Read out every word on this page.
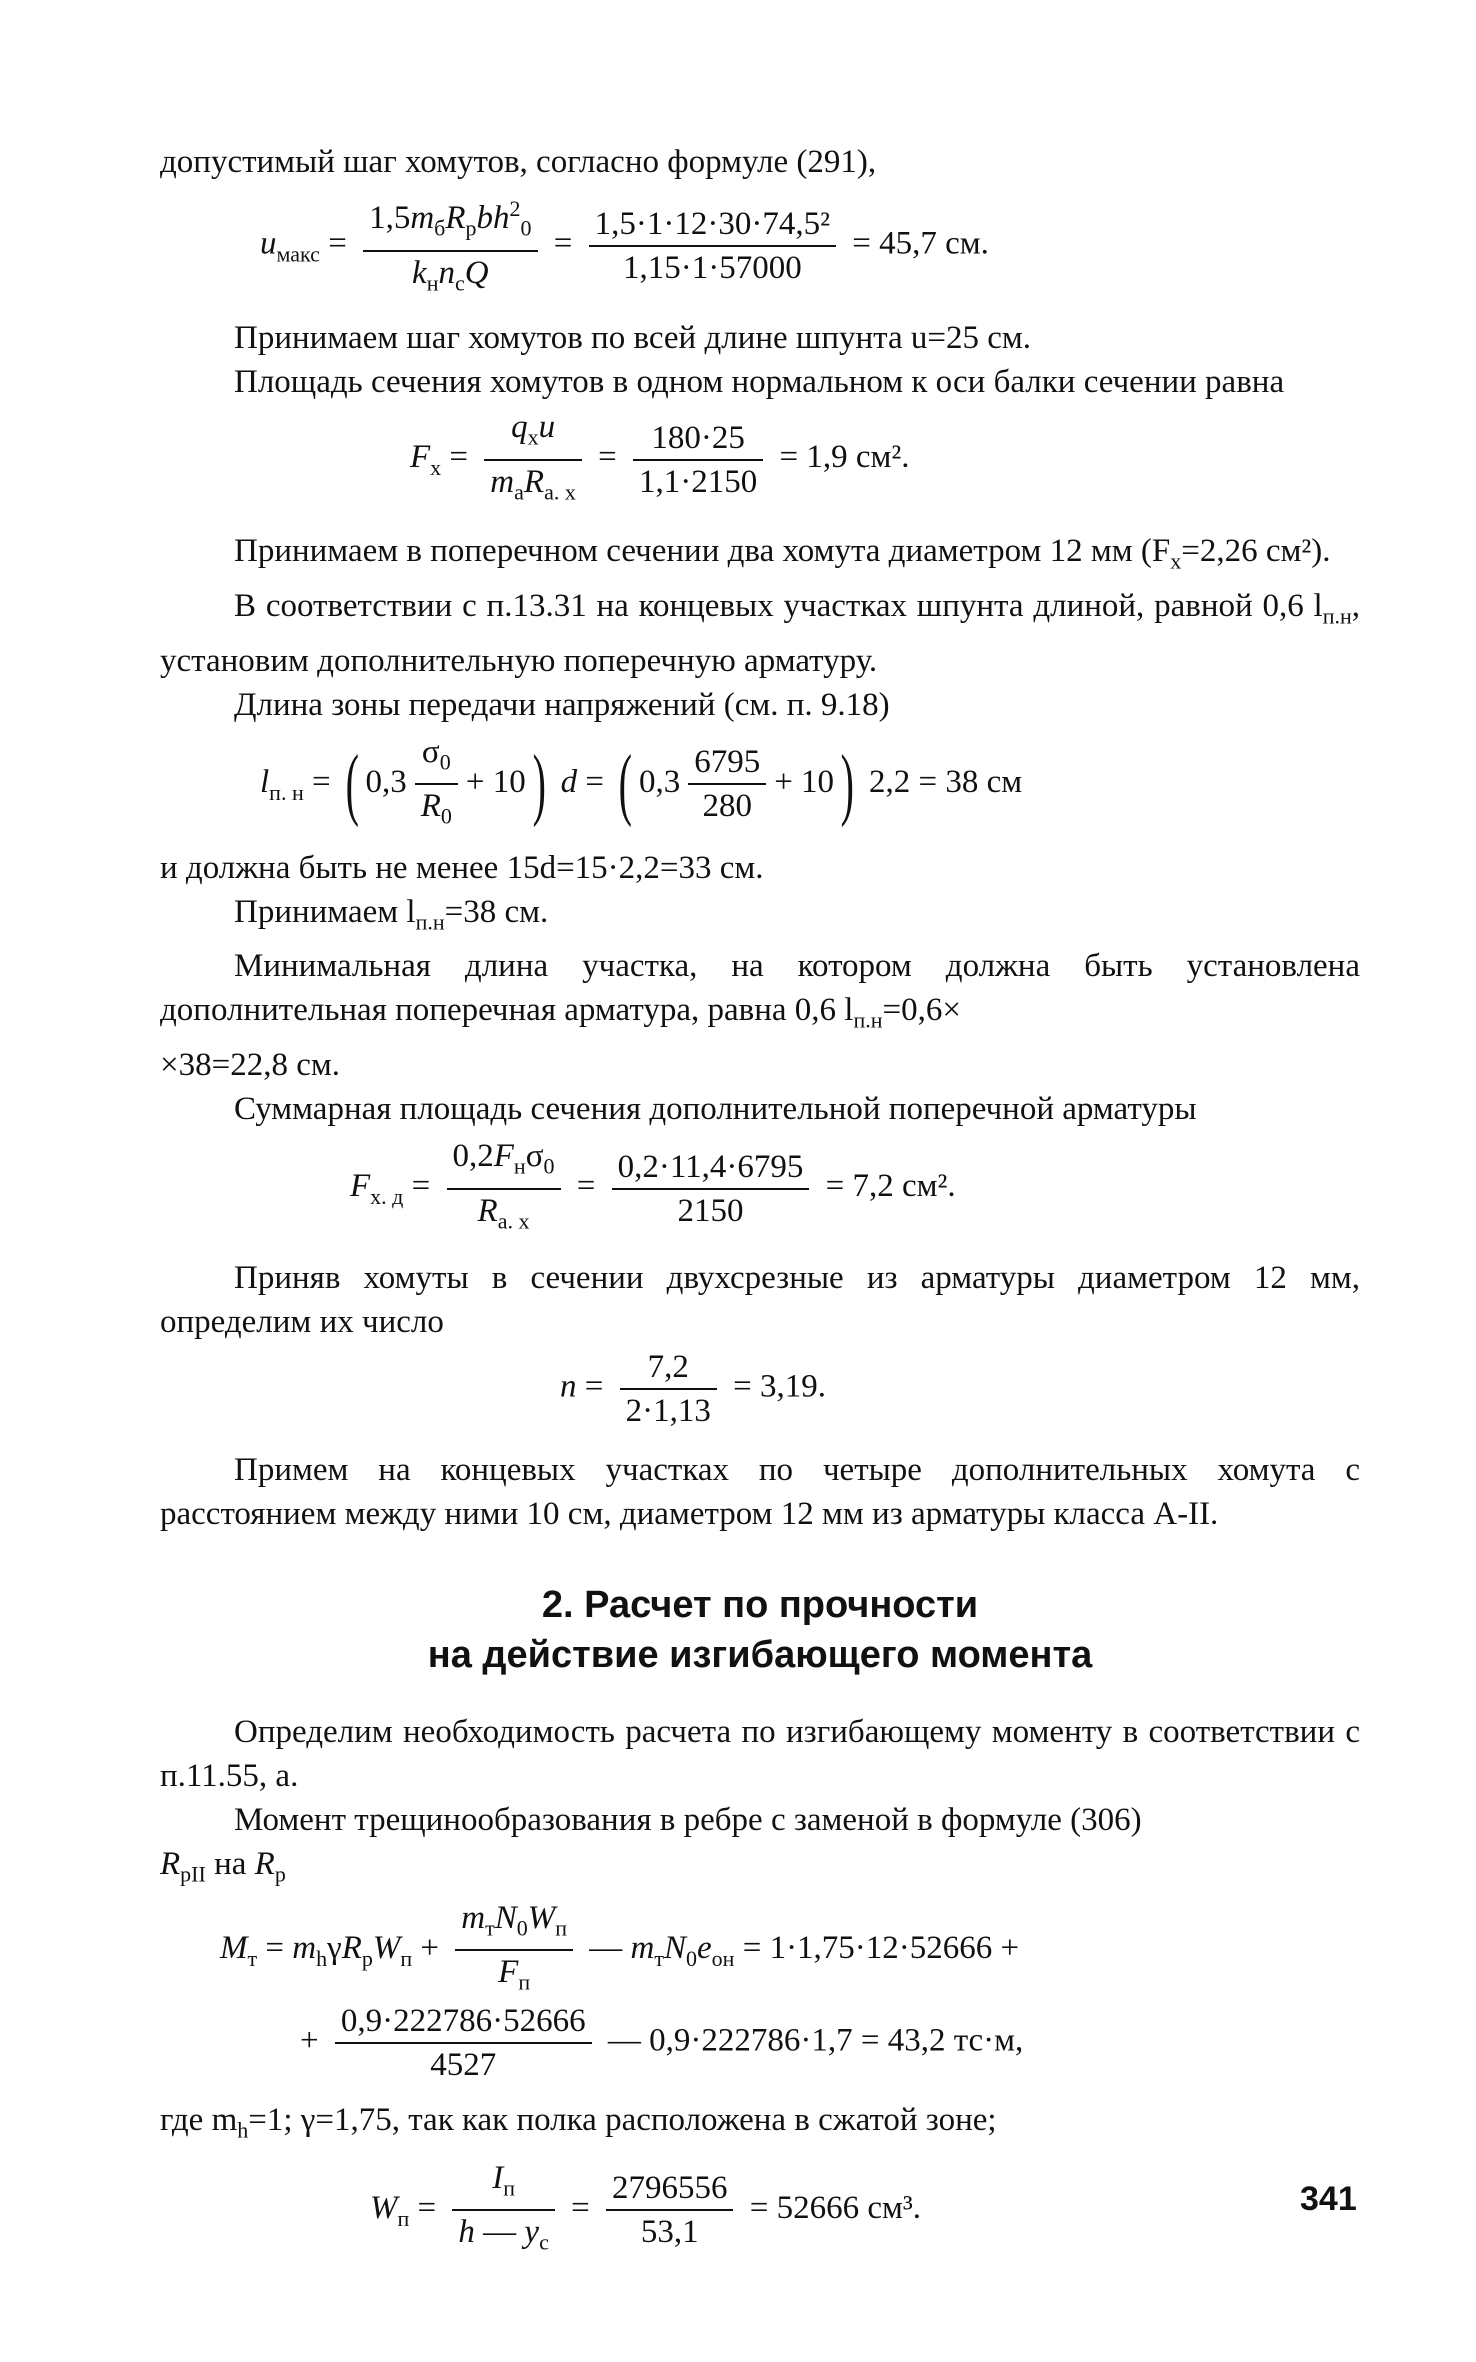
допустимый шаг хомутов, согласно формуле (291),

$u_{макс} = \frac{1,5m_бR_рbh^2_0}{k_нn_сQ} = \frac{\text{1,5·1·12·30·74,5²}}{1,15\cdot 1\cdot 57000} = 45,7$ см.

Принимаем шаг хомутов по всей длине шпунта u=25 см.

Площадь сечения хомутов в одном нормальном к оси балки сечении равна

$F_x = \frac{q_xu}{m_aR_{a. x}} = \frac{180\cdot 25}{1,1\cdot 2150} = 1,9$ см².

Принимаем в поперечном сечении два хомута диаметром 12 мм ($F_x=2,26$ см²).

В соответствии с п.13.31 на концевых участках шпунта длиной, равной 0,6 $l_{п.н}$, установим дополнительную поперечную арматуру.

Длина зоны передачи напряжений (см. п. 9.18)

$l_{п. н}$ = ( $0,3 \frac{\sigma_0}{R_0} + 10$) d = ( $0,3 \frac{6795}{280} + 10$) 2,2 = 38 см

и должна быть не менее 15d=15·2,2=33 см.

Принимаем $l_{п.н}=38$ см.

Минимальная длина участка, на котором должна быть установлена дополнительная поперечная арматура, равна 0,6 $l_{п.н}=0,6\times$
×38=22,8 см.

Суммарная площадь сечения дополнительной поперечной арматуры

$F_{x. д} = \frac{0,2F_н\sigma_0}{R_{a. x}} = \frac{0,2\cdot 11,4\cdot 6795}{2150} = 7,2$ см².

Приняв хомуты в сечении двухсрезные из арматуры диаметром 12 мм, определим их число

$n = \frac{7,2}{2\cdot 1,13} = 3,19$.

Примем на концевых участках по четыре дополнительных хомута с расстоянием между ними 10 см, диаметром 12 мм из арматуры класса А-II.

2. Расчет по прочности
на действие изгибающего момента

Определим необходимость расчета по изгибающему моменту в соответствии с п.11.55, а.

Момент трещинообразования в ребре с заменой в формуле (306)
$R_{pII}$ на $R_р$

$M_т = m_h\gamma R_рW_п + \frac{m_тN_0W_п}{F_п}$ — $m_тN_0e_{он} = 1\cdot 1,75\cdot 12\cdot 52666$ +
+ $\frac{0,9\cdot 222786\cdot 52666}{4527}$ — 0,9·222786·1,7 = 43,2 тс·м,

где $m_h=1$; γ=1,75, так как полка расположена в сжатой зоне;

$W_п = \frac{I_п}{h — y_c} = \frac{2796556}{53,1} = 52666$ см³.	341
